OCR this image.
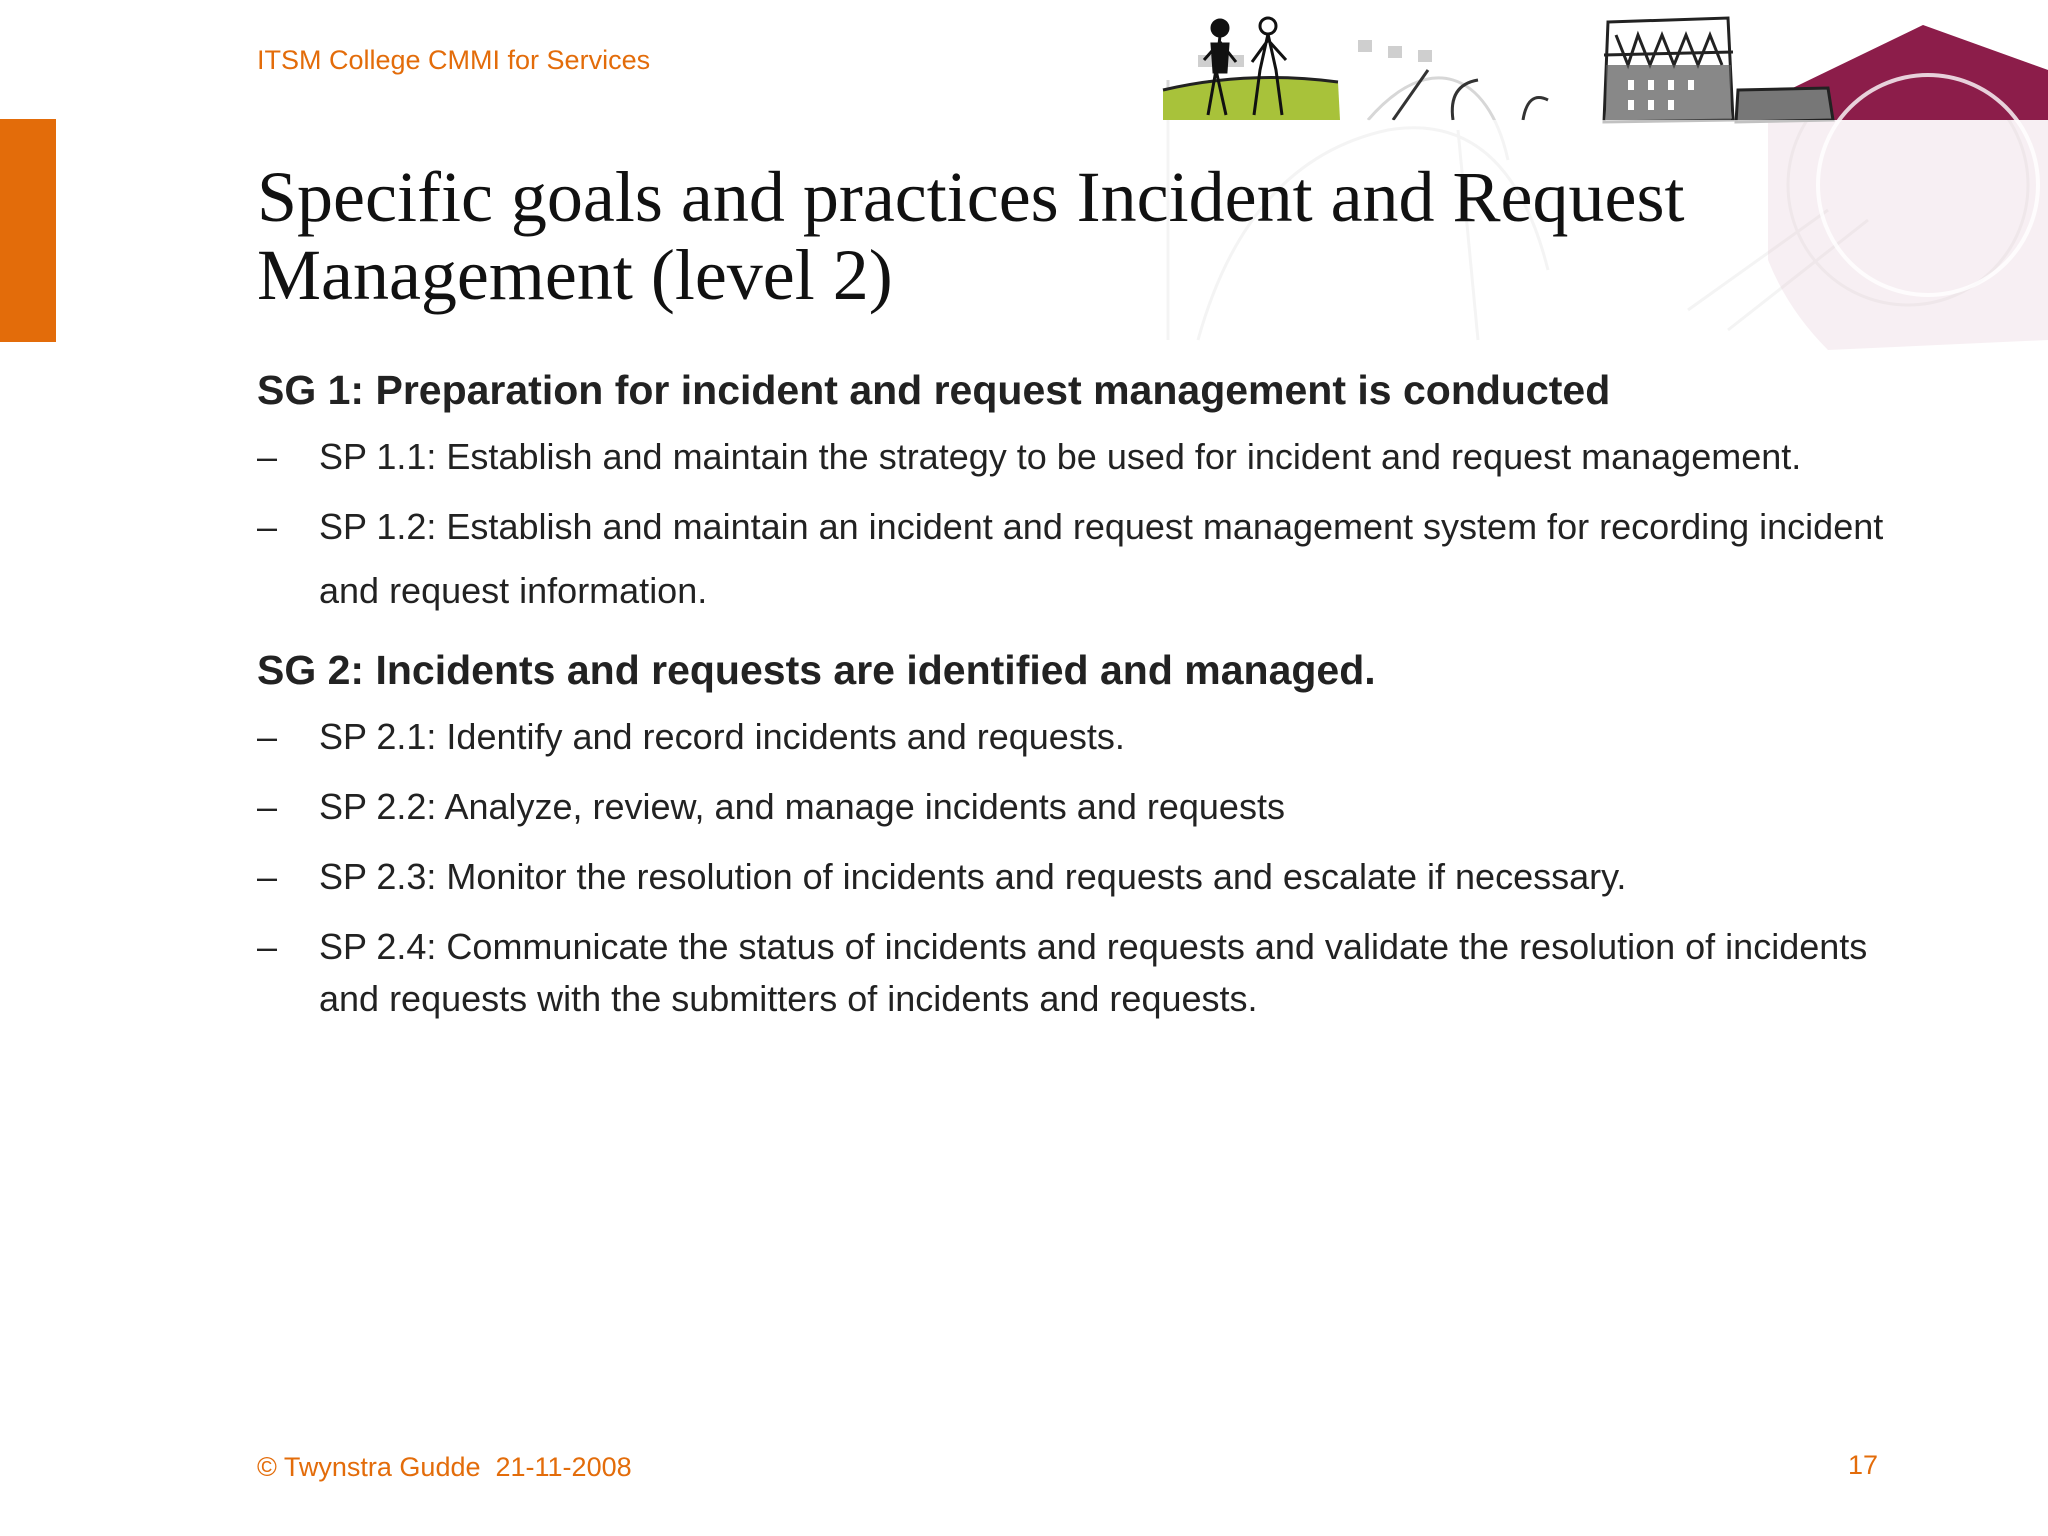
ITSM College CMMI for Services
Specific goals and practices Incident and Request
Management (level 2)
SG 1: Preparation for incident and request management is conducted
– SP 1.1: Establish and maintain the strategy to be used for incident and request management.
– SP 1.2: Establish and maintain an incident and request management system for recording incident and request information.
SG 2: Incidents and requests are identified and managed.
– SP 2.1: Identify and record incidents and requests.
– SP 2.2: Analyze, review, and manage incidents and requests
– SP 2.3: Monitor the resolution of incidents and requests and escalate if necessary.
– SP 2.4: Communicate the status of incidents and requests and validate the resolution of incidents and requests with the submitters of incidents and requests.
© Twynstra Gudde  21-11-2008	17
